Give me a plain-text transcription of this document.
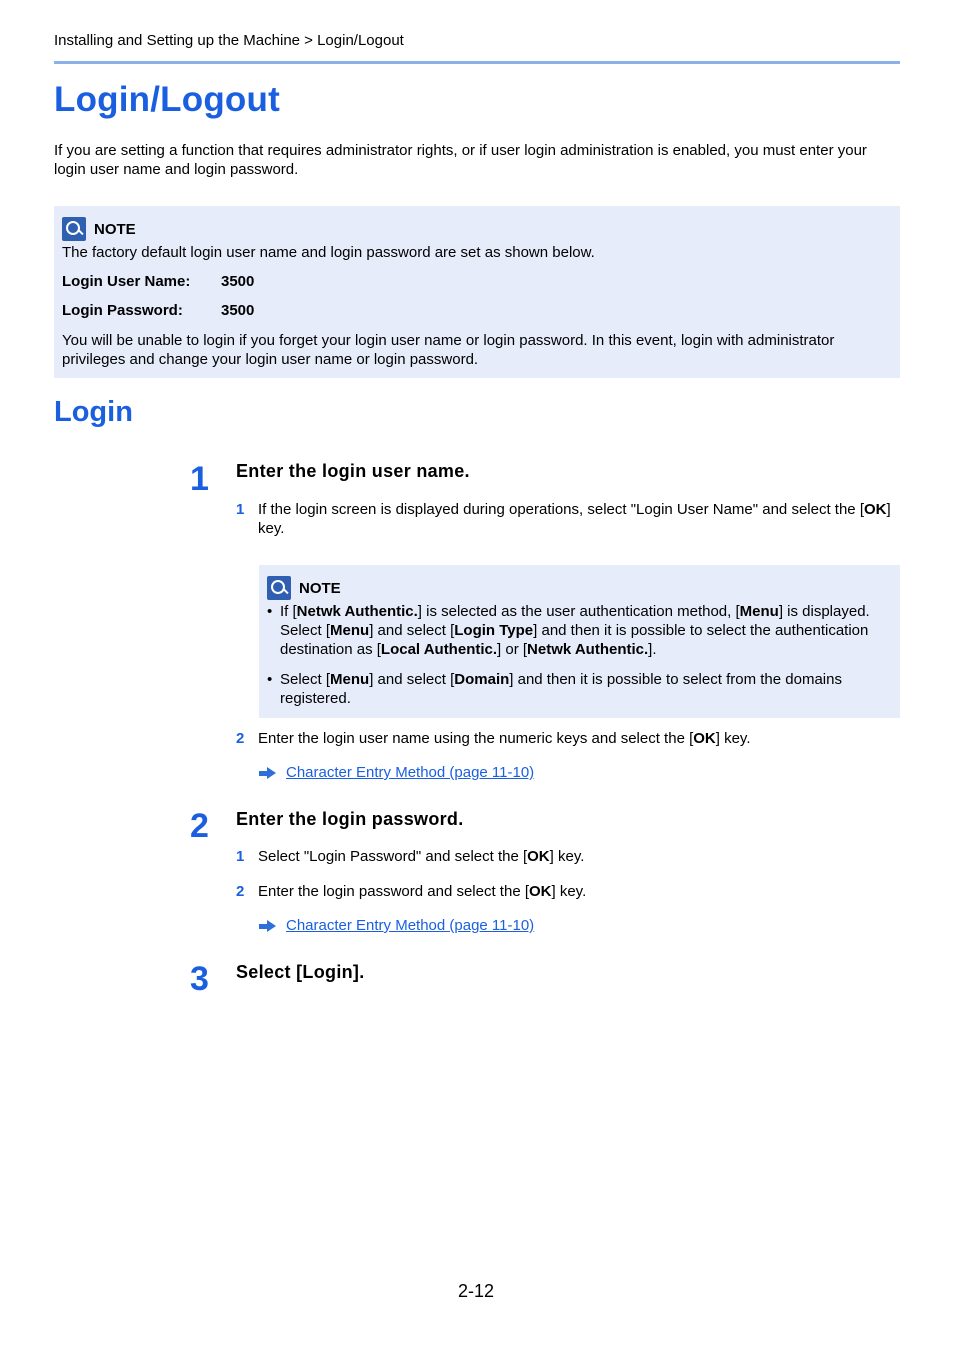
Installing and Setting up the Machine > Login/Logout
Login/Logout
If you are setting a function that requires administrator rights, or if user login administration is enabled, you must enter your login user name and login password.
NOTE
The factory default login user name and login password are set as shown below.
Login User Name:	3500
Login Password:	3500
You will be unable to login if you forget your login user name or login password. In this event, login with administrator privileges and change your login user name or login password.
Login
1 Enter the login user name.
1 If the login screen is displayed during operations, select "Login User Name" and select the [OK] key.
NOTE
• If [Netwk Authentic.] is selected as the user authentication method, [Menu] is displayed. Select [Menu] and select [Login Type] and then it is possible to select the authentication destination as [Local Authentic.] or [Netwk Authentic.].
• Select [Menu] and select [Domain] and then it is possible to select from the domains registered.
2 Enter the login user name using the numeric keys and select the [OK] key.
Character Entry Method (page 11-10)
2 Enter the login password.
1 Select "Login Password" and select the [OK] key.
2 Enter the login password and select the [OK] key.
Character Entry Method (page 11-10)
3 Select [Login].
2-12
